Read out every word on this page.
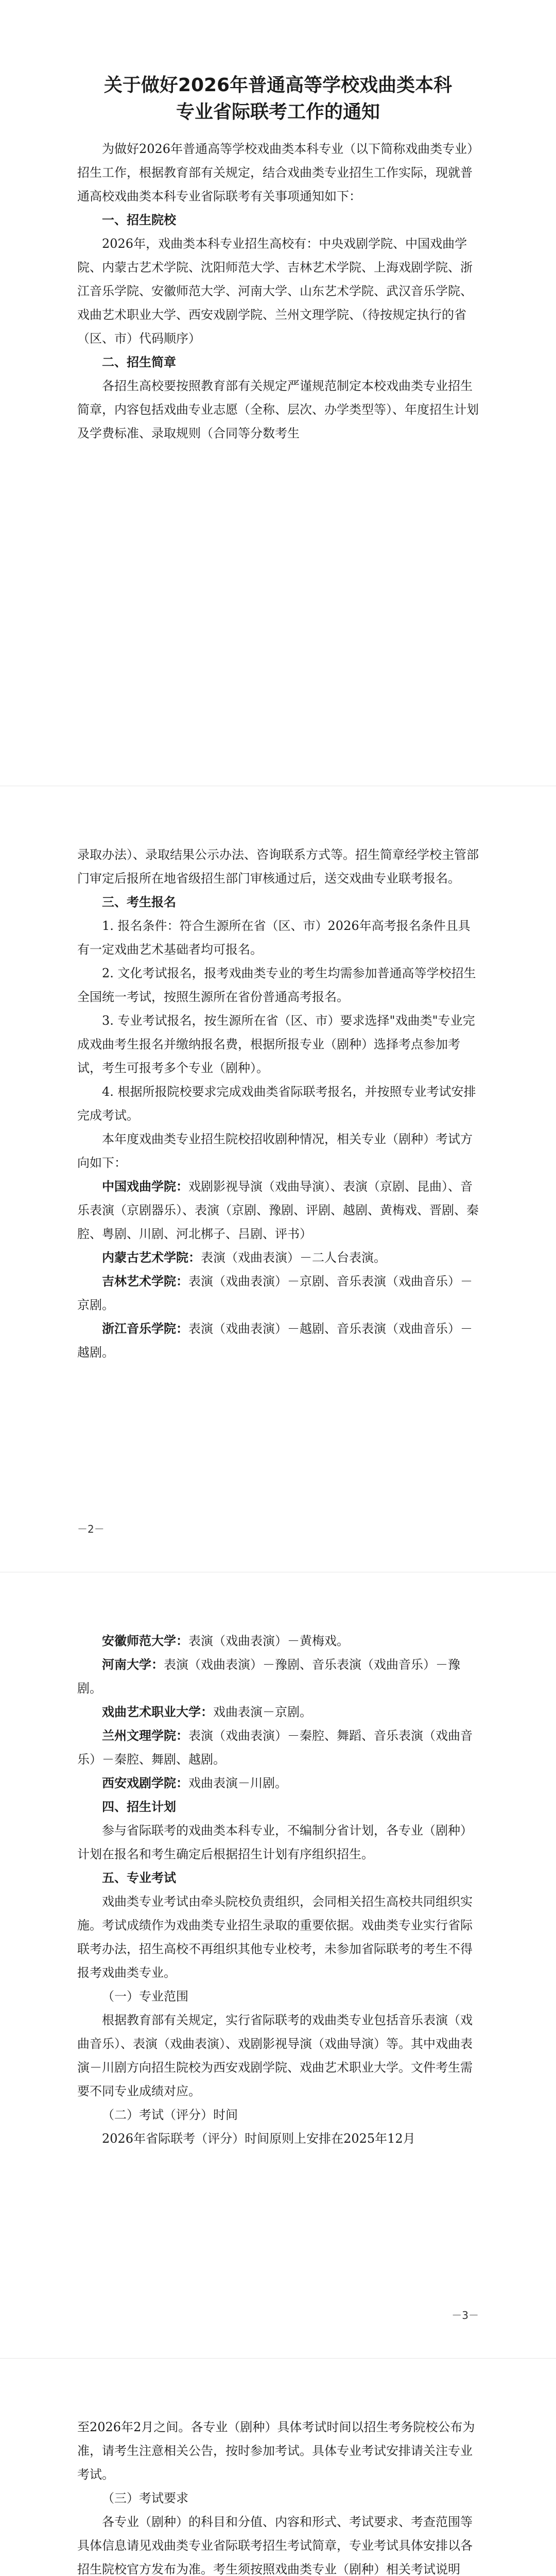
关于做好2026年普通高等学校戏曲类本科
专业省际联考工作的通知

为做好2026年普通高等学校戏曲类本科专业（以下简称戏曲类专业）招生工作，根据教育部有关规定，结合戏曲类专业招生工作实际，现就普通高校戏曲类本科专业省际联考有关事项通知如下：

一、招生院校

2026年，戏曲类本科专业招生高校有：中央戏剧学院、中国戏曲学院、内蒙古艺术学院、沈阳师范大学、吉林艺术学院、上海戏剧学院、浙江音乐学院、安徽师范大学、河南大学、山东艺术学院、武汉音乐学院、戏曲艺术职业大学、西安戏剧学院、兰州文理学院、（待按规定执行的省（区、市）代码顺序）

二、招生简章

各招生高校要按照教育部有关规定严谨规范制定本校戏曲类专业招生简章，内容包括戏曲专业志愿（全称、层次、办学类型等）、年度招生计划及学费标准、录取规则（合同等分数考生

录取办法）、录取结果公示办法、咨询联系方式等。招生简章经学校主管部门审定后报所在地省级招生部门审核通过后，送交戏曲专业联考报名。

三、考生报名

1. 报名条件：符合生源所在省（区、市）2026年高考报名条件且具有一定戏曲艺术基础者均可报名。

2. 文化考试报名，报考戏曲类专业的考生均需参加普通高等学校招生全国统一考试，按照生源所在省份普通高考报名。

3. 专业考试报名，按生源所在省（区、市）要求选择"戏曲类"专业完成戏曲考生报名并缴纳报名费，根据所报专业（剧种）选择考点参加考试，考生可报考多个专业（剧种）。

4. 根据所报院校要求完成戏曲类省际联考报名，并按照专业考试安排完成考试。

本年度戏曲类专业招生院校招收剧种情况，相关专业（剧种）考试方向如下：

中国戏曲学院：戏剧影视导演（戏曲导演）、表演（京剧、昆曲）、音乐表演（京剧器乐）、表演（京剧、豫剧、评剧、越剧、黄梅戏、晋剧、秦腔、粤剧、川剧、河北梆子、吕剧、评书）

内蒙古艺术学院：表演（戏曲表演）－二人台表演。

吉林艺术学院：表演（戏曲表演）－京剧、音乐表演（戏曲音乐）－京剧。

浙江音乐学院：表演（戏曲表演）－越剧、音乐表演（戏曲音乐）－越剧。

－2－

安徽师范大学：表演（戏曲表演）－黄梅戏。

河南大学：表演（戏曲表演）－豫剧、音乐表演（戏曲音乐）－豫剧。

戏曲艺术职业大学：戏曲表演－京剧。

兰州文理学院：表演（戏曲表演）－秦腔、舞蹈、音乐表演（戏曲音乐）－秦腔、舞剧、越剧。

西安戏剧学院：戏曲表演－川剧。

四、招生计划

参与省际联考的戏曲类本科专业，不编制分省计划，各专业（剧种）计划在报名和考生确定后根据招生计划有序组织招生。

五、专业考试

戏曲类专业考试由牵头院校负责组织，会同相关招生高校共同组织实施。考试成绩作为戏曲类专业招生录取的重要依据。戏曲类专业实行省际联考办法，招生高校不再组织其他专业校考，未参加省际联考的考生不得报考戏曲类专业。

（一）专业范围

根据教育部有关规定，实行省际联考的戏曲类专业包括音乐表演（戏曲音乐）、表演（戏曲表演）、戏剧影视导演（戏曲导演）等。其中戏曲表演－川剧方向招生院校为西安戏剧学院、戏曲艺术职业大学。文件考生需要不同专业成绩对应。

（二）考试（评分）时间

2026年省际联考（评分）时间原则上安排在2025年12月

－3－

至2026年2月之间。各专业（剧种）具体考试时间以招生考务院校公布为准，请考生注意相关公告，按时参加考试。具体专业考试安排请关注专业考试。

（三）考试要求

各专业（剧种）的科目和分值、内容和形式、考试要求、考查范围等具体信息请见戏曲类专业省际联考招生考试简章，专业考试具体安排以各招生院校官方发布为准。考生须按照戏曲类专业（剧种）相关考试说明
